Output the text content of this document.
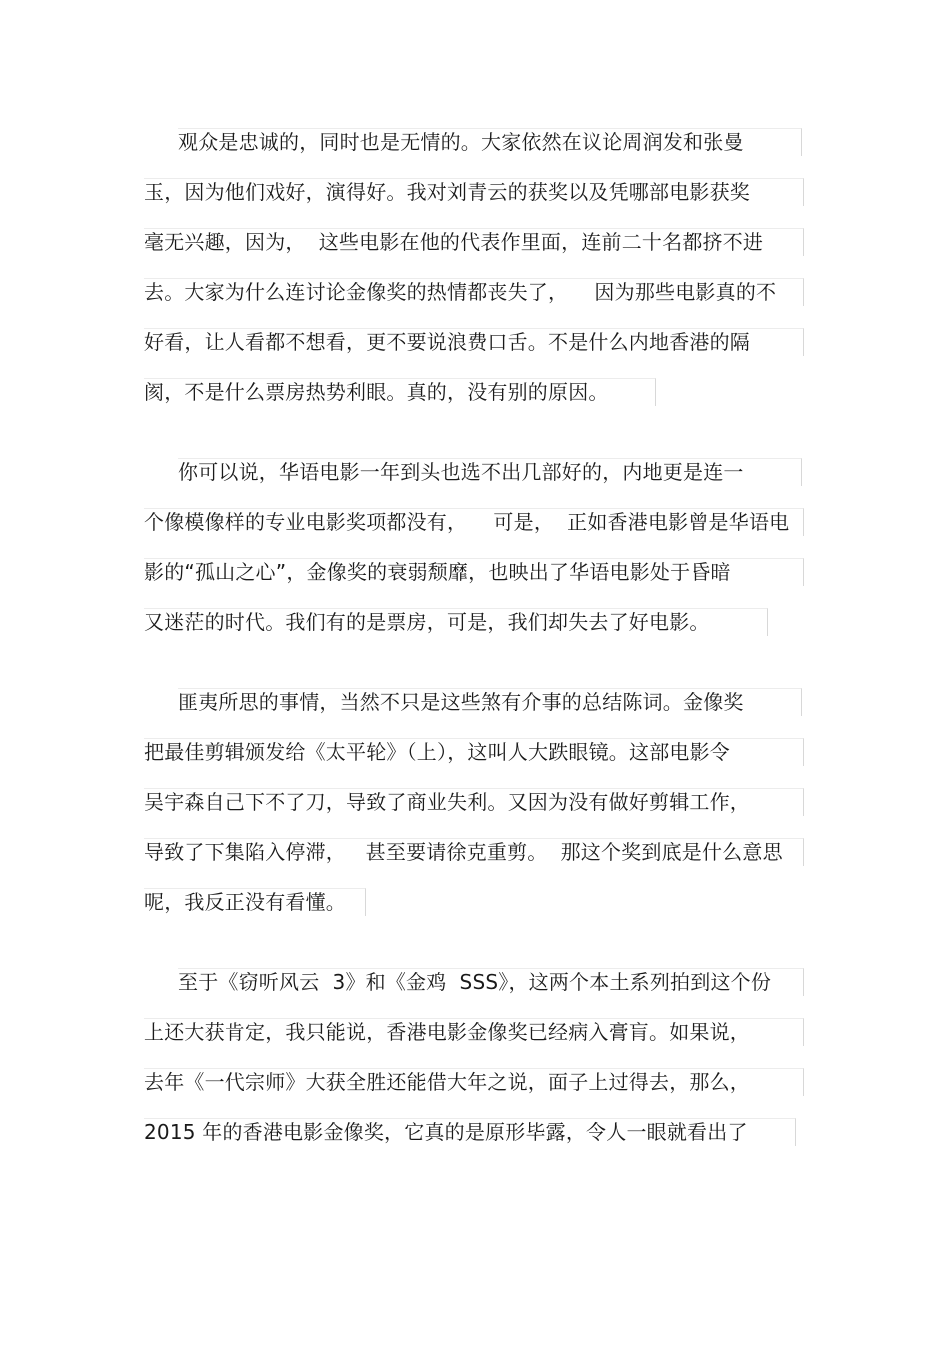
观众是忠诚的，同时也是无情的。大家依然在议论周润发和张曼
玉，因为他们戏好，演得好。我对刘青云的获奖以及凭哪部电影获奖
毫无兴趣，因为，  这些电影在他的代表作里面，连前二十名都挤不进
去。大家为什么连讨论金像奖的热情都丧失了，    因为那些电影真的不
好看，让人看都不想看，更不要说浪费口舌。不是什么内地香港的隔
阂，不是什么票房热势利眼。真的，没有别的原因。
你可以说，华语电影一年到头也选不出几部好的，内地更是连一
个像模像样的专业电影奖项都没有，    可是，  正如香港电影曾是华语电
影的“孤山之心”，金像奖的衰弱颓靡，也映出了华语电影处于昏暗
又迷茫的时代。我们有的是票房，可是，我们却失去了好电影。
匪夷所思的事情，当然不只是这些煞有介事的总结陈词。金像奖
把最佳剪辑颁发给《太平轮》（上），这叫人大跌眼镜。这部电影令
吴宇森自己下不了刀，导致了商业失利。又因为没有做好剪辑工作，
导致了下集陷入停滞，   甚至要请徐克重剪。  那这个奖到底是什么意思
呢，我反正没有看懂。
至于《窃听风云  3》和《金鸡  SSS》，这两个本土系列拍到这个份
上还大获肯定，我只能说，香港电影金像奖已经病入膏肓。如果说，
去年《一代宗师》大获全胜还能借大年之说，面子上过得去，那么，
2015 年的香港电影金像奖，它真的是原形毕露，令人一眼就看出了
